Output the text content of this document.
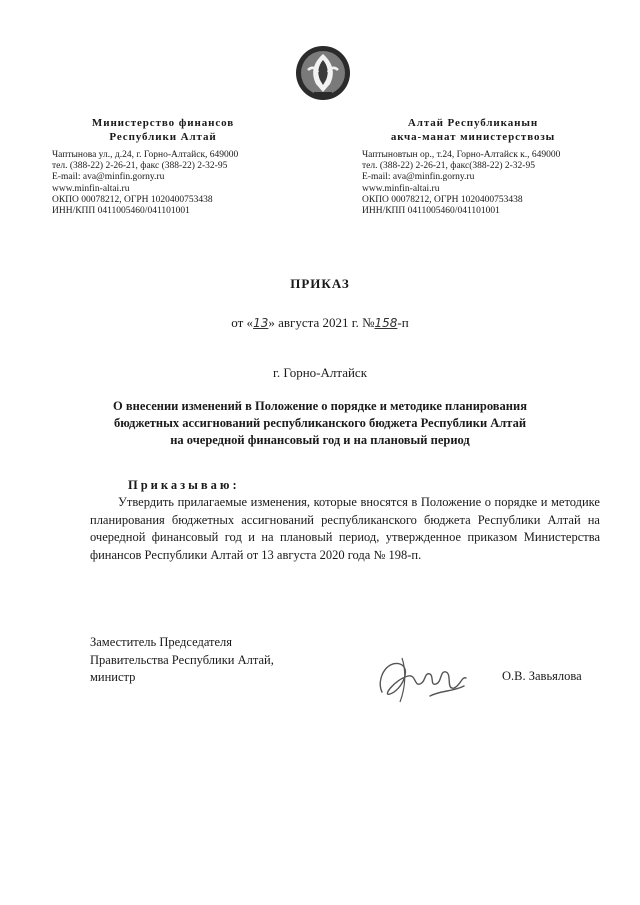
Министерство финансов
Республики Алтай
Алтай Республиканын
акча-манат министерствозы
Чаптынова ул., д.24, г. Горно-Алтайск, 649000
тел. (388-22) 2-26-21, факс (388-22) 2-32-95
E-mail: ava@minfin.gorny.ru
www.minfin-altai.ru
ОКПО 00078212, ОГРН 1020400753438
ИНН/КПП 0411005460/041101001
Чаптыновтын ор., т.24, Горно-Алтайск к., 649000
тел. (388-22) 2-26-21, факс(388-22) 2-32-95
E-mail: ava@minfin.gorny.ru
www.minfin-altai.ru
ОКПО 00078212, ОГРН 1020400753438
ИНН/КПП 0411005460/041101001
ПРИКАЗ
от «13» августа 2021 г. №158-п
г. Горно-Алтайск
О внесении изменений в Положение о порядке и методике планирования
бюджетных ассигнований республиканского бюджета Республики Алтай
на очередной финансовый год и на плановый период
Приказываю:
Утвердить прилагаемые изменения, которые вносятся в Положение о порядке и методике планирования бюджетных ассигнований республиканского бюджета Республики Алтай на очередной финансовый год и на плановый период, утвержденное приказом Министерства финансов Республики Алтай от 13 августа 2020 года № 198-п.
Заместитель Председателя
Правительства Республики Алтай,
министр	О.В. Завьялова
